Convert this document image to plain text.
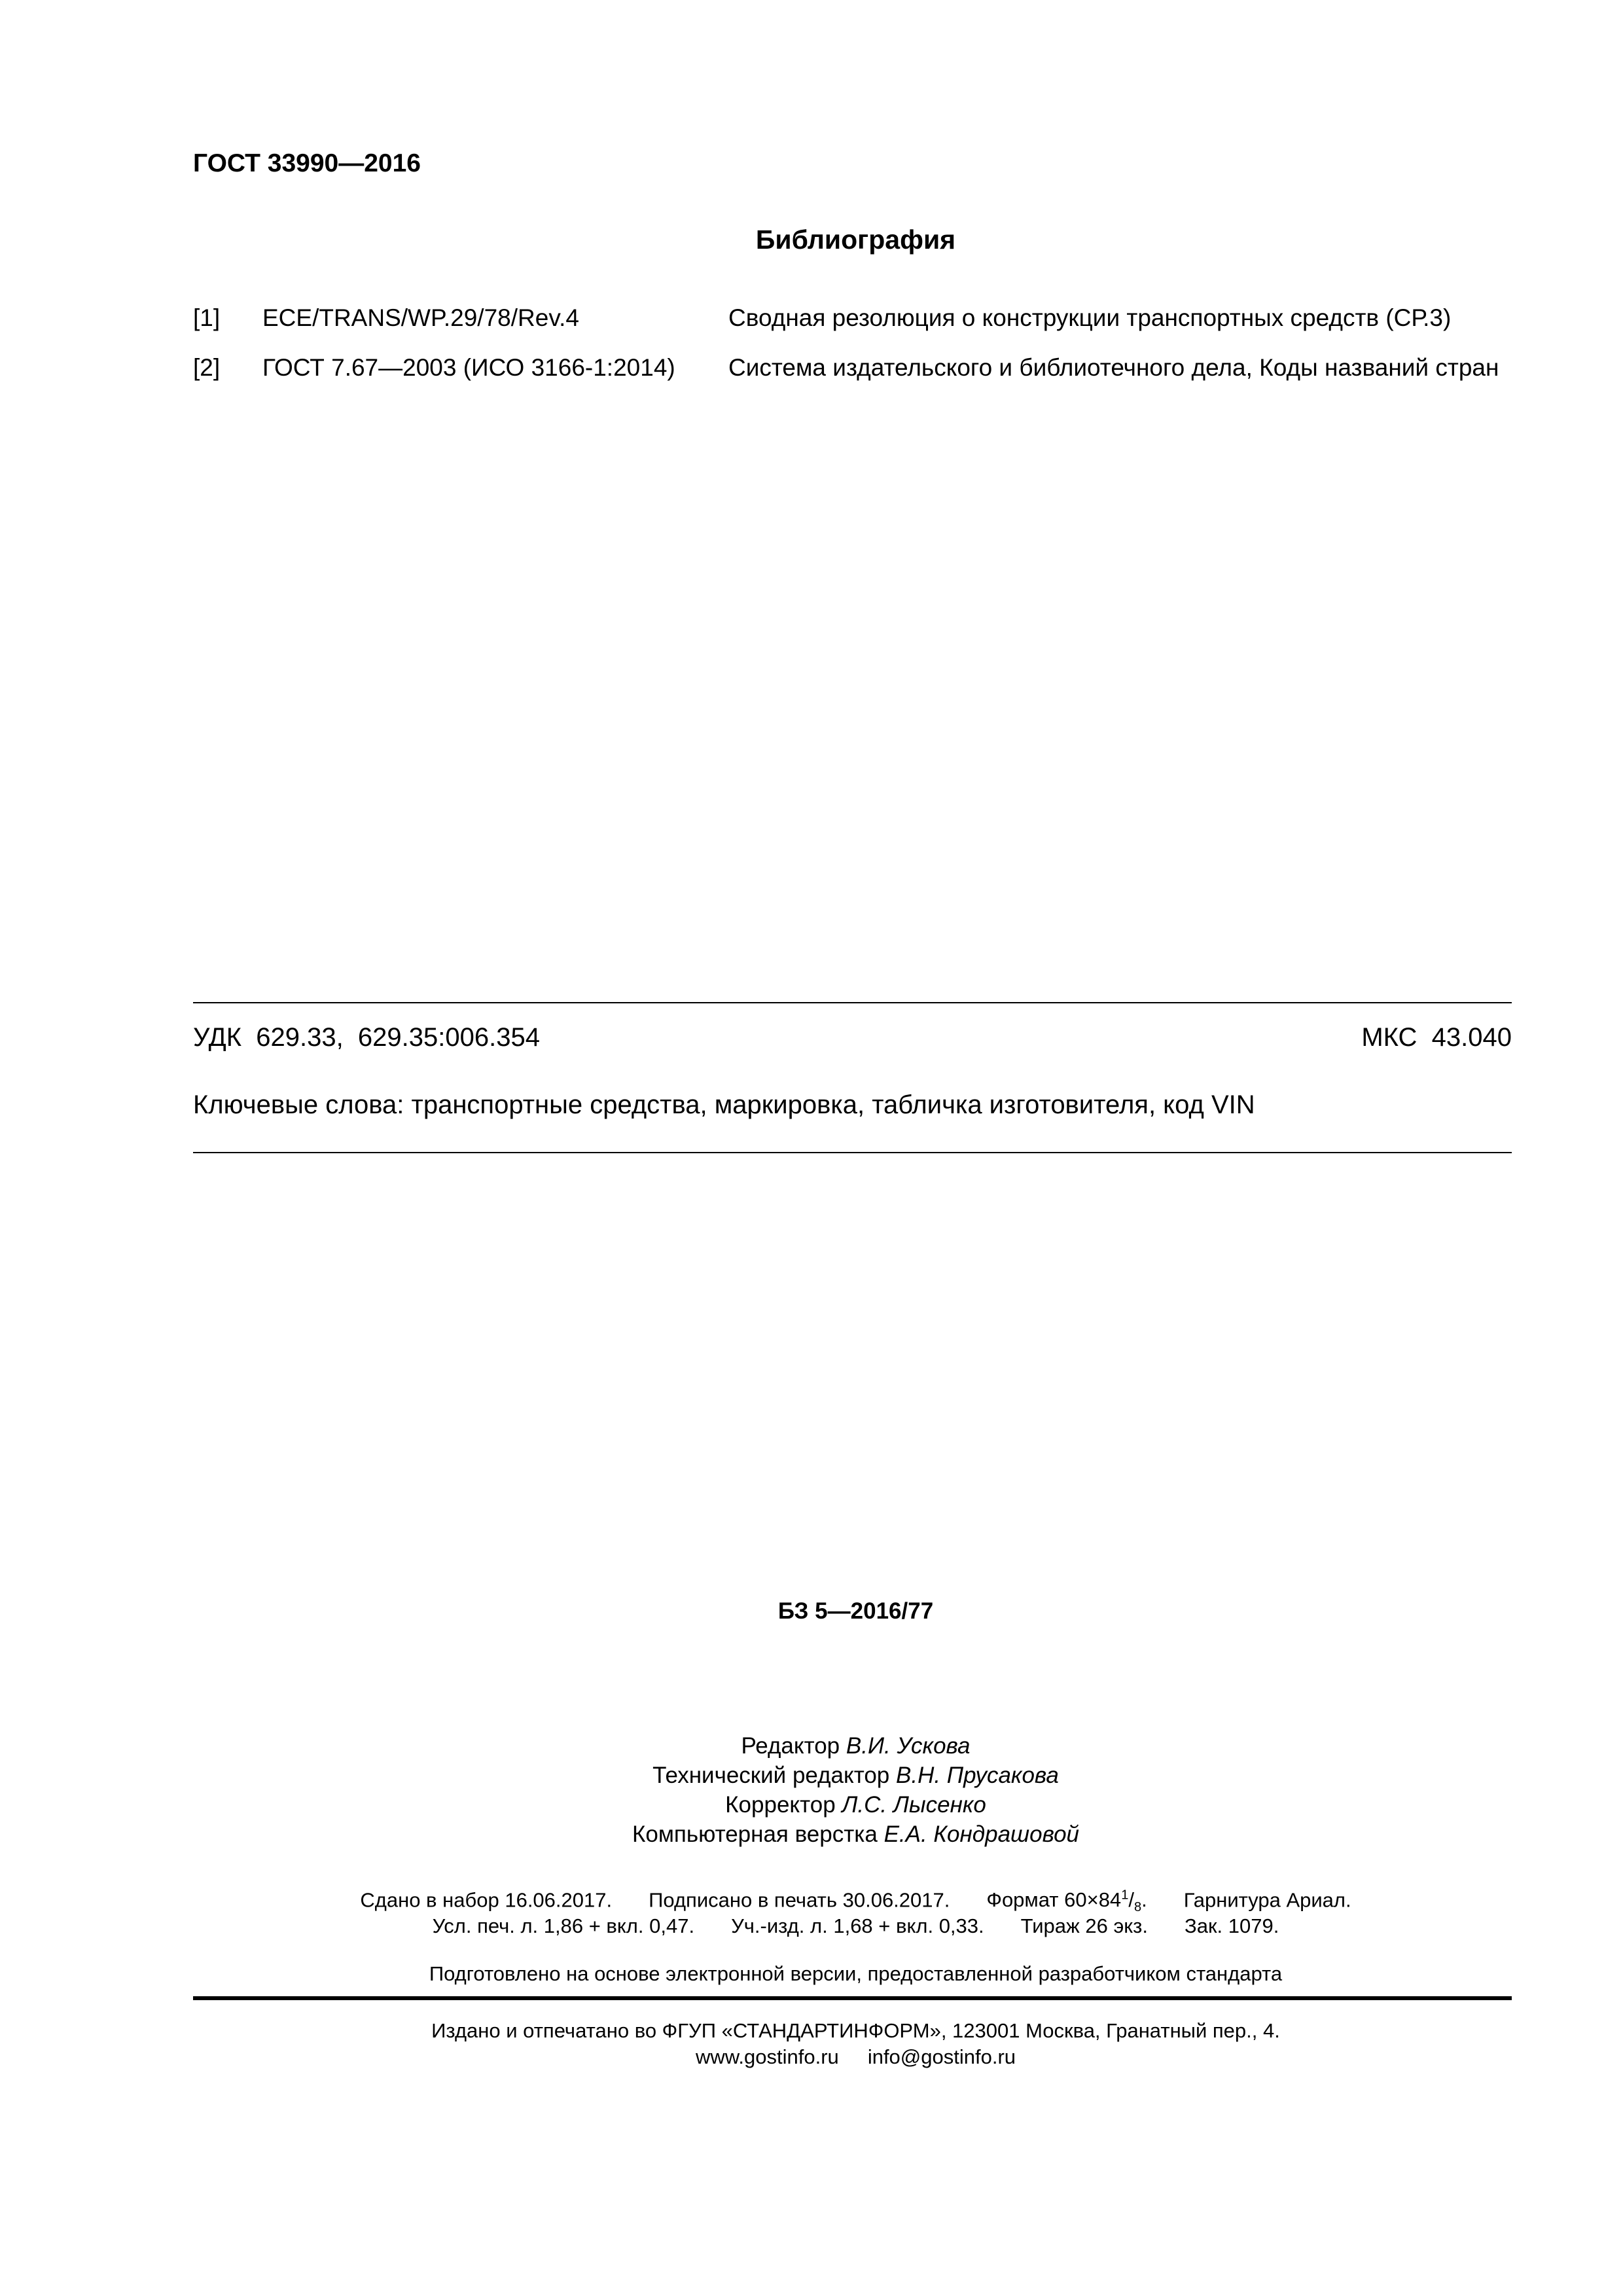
ГОСТ 33990—2016
Библиография
[1] ECE/TRANS/WP.29/78/Rev.4	Сводная резолюция о конструкции транспортных средств (СР.3)
[2] ГОСТ 7.67—2003 (ИСО 3166-1:2014) Система издательского и библиотечного дела, Коды названий стран
УДК  629.33,  629.35:006.354	МКС  43.040
Ключевые слова: транспортные средства, маркировка, табличка изготовителя, код VIN
БЗ 5—2016/77
Редактор В.И. Ускова
Технический редактор В.Н. Прусакова
Корректор Л.С. Лысенко
Компьютерная верстка Е.А. Кондрашовой
Сдано в набор 16.06.2017. Подписано в печать 30.06.2017. Формат $60\times 84^1/_8$. Гарнитура Ариал.
Усл. печ. л. 1,86 + вкл. 0,47. Уч.-изд. л. 1,68 + вкл. 0,33. Тираж 26 экз. Зак. 1079.
Подготовлено на основе электронной версии, предоставленной разработчиком стандарта
Издано и отпечатано во ФГУП «СТАНДАРТИНФОРМ», 123001 Москва, Гранатный пер., 4.
www.gostinfo.ru info@gostinfo.ru
